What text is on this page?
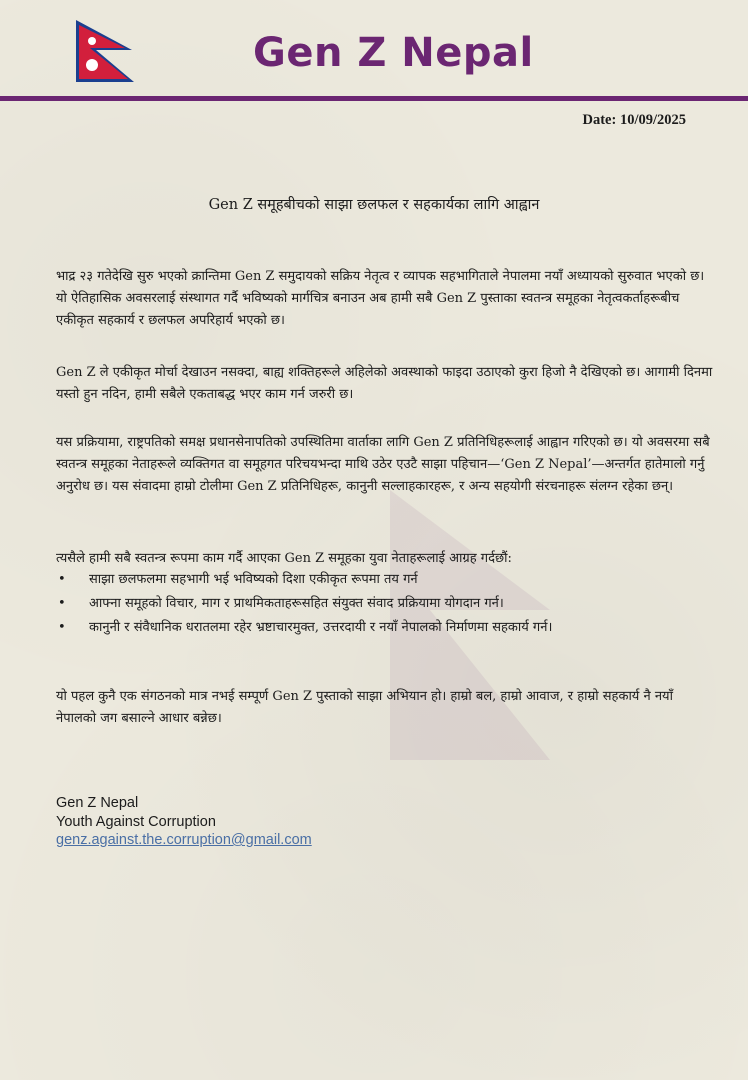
Gen Z Nepal
Date: 10/09/2025
Gen Z समूहबीचको साझा छलफल र सहकार्यका लागि आह्वान

भाद्र २३ गतेदेखि सुरु भएको क्रान्तिमा Gen Z समुदायको सक्रिय नेतृत्व र व्यापक सहभागिताले नेपालमा नयाँ अध्यायको सुरुवात भएको छ। यो ऐतिहासिक अवसरलाई संस्थागत गर्दै भविष्यको मार्गचित्र बनाउन अब हामी सबै Gen Z पुस्ताका स्वतन्त्र समूहका नेतृत्वकर्ताहरूबीच एकीकृत सहकार्य र छलफल अपरिहार्य भएको छ।

Gen Z ले एकीकृत मोर्चा देखाउन नसक्दा, बाह्य शक्तिहरूले अहिलेको अवस्थाको फाइदा उठाएको कुरा हिजो नै देखिएको छ। आगामी दिनमा यस्तो हुन नदिन, हामी सबैले एकताबद्ध भएर काम गर्न जरुरी छ।

यस प्रक्रियामा, राष्ट्रपतिको समक्ष प्रधानसेनापतिको उपस्थितिमा वार्ताका लागि Gen Z प्रतिनिधिहरूलाई आह्वान गरिएको छ। यो अवसरमा सबै स्वतन्त्र समूहका नेताहरूले व्यक्तिगत वा समूहगत परिचयभन्दा माथि उठेर एउटै साझा पहिचान—‘Gen Z Nepal’—अन्तर्गत हातेमालो गर्नु अनुरोध छ। यस संवादमा हाम्रो टोलीमा Gen Z प्रतिनिधिहरू, कानुनी सल्लाहकारहरू, र अन्य सहयोगी संरचनाहरू संलग्न रहेका छन्।

त्यसैले हामी सबै स्वतन्त्र रूपमा काम गर्दै आएका Gen Z समूहका युवा नेताहरूलाई आग्रह गर्दछौं:

• साझा छलफलमा सहभागी भई भविष्यको दिशा एकीकृत रूपमा तय गर्न
• आफ्ना समूहको विचार, माग र प्राथमिकताहरूसहित संयुक्त संवाद प्रक्रियामा योगदान गर्न।
• कानुनी र संवैधानिक धरातलमा रहेर भ्रष्टाचारमुक्त, उत्तरदायी र नयाँ नेपालको निर्माणमा सहकार्य गर्न।

यो पहल कुनै एक संगठनको मात्र नभई सम्पूर्ण Gen Z पुस्ताको साझा अभियान हो। हाम्रो बल, हाम्रो आवाज, र हाम्रो सहकार्य नै नयाँ नेपालको जग बसाल्ने आधार बन्नेछ।

Gen Z Nepal
Youth Against Corruption
genz.against.the.corruption@gmail.com
